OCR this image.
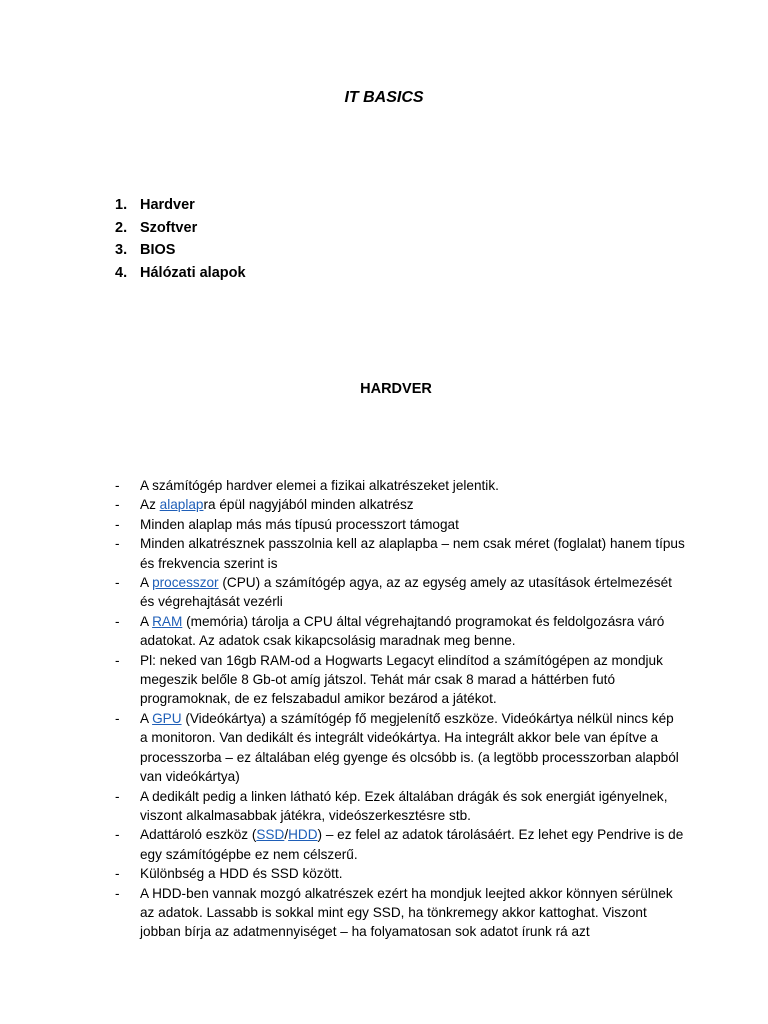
IT BASICS
1. Hardver
2. Szoftver
3. BIOS
4. Hálózati alapok
HARDVER
- A számítógép hardver elemei a fizikai alkatrészeket jelentik.
- Az alaplapra épül nagyjából minden alkatrész
- Minden alaplap más más típusú processzort támogat
- Minden alkatrésznek passzolnia kell az alaplapba – nem csak méret (foglalat) hanem típus és frekvencia szerint is
- A processzor (CPU) a számítógép agya, az az egység amely az utasítások értelmezését és végrehajtását vezérli
- A RAM (memória) tárolja a CPU által végrehajtandó programokat és feldolgozásra váró adatokat. Az adatok csak kikapcsolásig maradnak meg benne.
- Pl: neked van 16gb RAM-od a Hogwarts Legacyt elindítod a számítógépen az mondjuk megeszik belőle 8 Gb-ot amíg játszol. Tehát már csak 8 marad a háttérben futó programoknak, de ez felszabadul amikor bezárod a játékot.
- A GPU (Videókártya) a számítógép fő megjelenítő eszköze. Videókártya nélkül nincs kép a monitoron. Van dedikált és integrált videókártya. Ha integrált akkor bele van építve a processzorba – ez általában elég gyenge és olcsóbb is. (a legtöbb processzorban alapból van videókártya)
- A dedikált pedig a linken látható kép. Ezek általában drágák és sok energiát igényelnek, viszont alkalmasabbak játékra, videószerkesztésre stb.
- Adattároló eszköz (SSD/HDD) – ez felel az adatok tárolásáért. Ez lehet egy Pendrive is de egy számítógépbe ez nem célszerű.
- Különbség a HDD és SSD között.
- A HDD-ben vannak mozgó alkatrészek ezért ha mondjuk leejted akkor könnyen sérülnek az adatok. Lassabb is sokkal mint egy SSD, ha tönkremegy akkor kattoghat. Viszont jobban bírja az adatmennyiséget – ha folyamatosan sok adatot írunk rá azt
